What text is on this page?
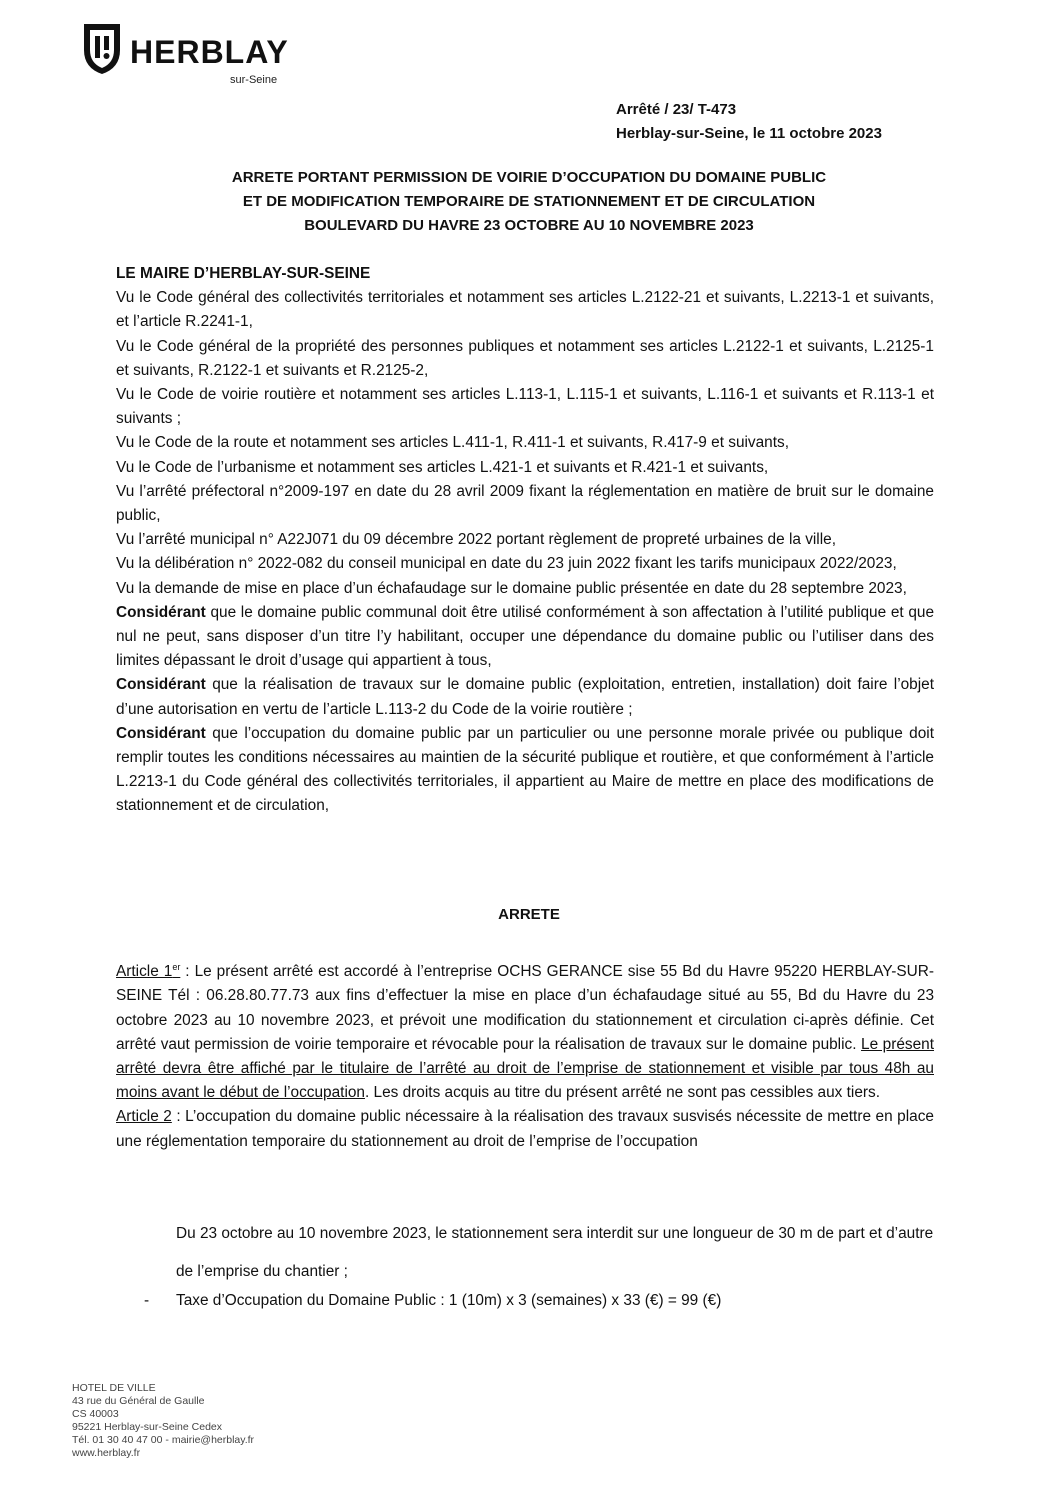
HERBLAY
sur-Seine
Arrêté / 23/ T-473
Herblay-sur-Seine, le 11 octobre 2023
ARRETE PORTANT PERMISSION DE VOIRIE D’OCCUPATION DU DOMAINE PUBLIC
ET DE MODIFICATION TEMPORAIRE DE STATIONNEMENT ET DE CIRCULATION
BOULEVARD DU HAVRE 23 OCTOBRE AU 10 NOVEMBRE 2023

LE MAIRE D’HERBLAY-SUR-SEINE

Vu le Code général des collectivités territoriales et notamment ses articles L.2122-21 et suivants, L.2213-1 et suivants, et l’article R.2241-1,

Vu le Code général de la propriété des personnes publiques et notamment ses articles L.2122-1 et suivants, L.2125-1 et suivants, R.2122-1 et suivants et R.2125-2,

Vu le Code de voirie routière et notamment ses articles L.113-1, L.115-1 et suivants, L.116-1 et suivants et R.113-1 et suivants ;

Vu le Code de la route et notamment ses articles L.411-1, R.411-1 et suivants, R.417-9 et suivants,

Vu le Code de l’urbanisme et notamment ses articles L.421-1 et suivants et R.421-1 et suivants,

Vu l’arrêté préfectoral n°2009-197 en date du 28 avril 2009 fixant la réglementation en matière de bruit sur le domaine public,

Vu l’arrêté municipal n° A22J071 du 09 décembre 2022 portant règlement de propreté urbaines de la ville,

Vu la délibération n° 2022-082 du conseil municipal en date du 23 juin 2022 fixant les tarifs municipaux 2022/2023,

Vu la demande de mise en place d’un échafaudage sur le domaine public présentée en date du 28 septembre 2023,

Considérant que le domaine public communal doit être utilisé conformément à son affectation à l’utilité publique et que nul ne peut, sans disposer d’un titre l’y habilitant, occuper une dépendance du domaine public ou l’utiliser dans des limites dépassant le droit d’usage qui appartient à tous,

Considérant que la réalisation de travaux sur le domaine public (exploitation, entretien, installation) doit faire l’objet d’une autorisation en vertu de l’article L.113-2 du Code de la voirie routière ;

Considérant que l’occupation du domaine public par un particulier ou une personne morale privée ou publique doit remplir toutes les conditions nécessaires au maintien de la sécurité publique et routière, et que conformément à l’article L.2213-1 du Code général des collectivités territoriales, il appartient au Maire de mettre en place des modifications de stationnement et de circulation,

ARRETE

Article 1er : Le présent arrêté est accordé à l’entreprise OCHS GERANCE sise 55 Bd du Havre 95220 HERBLAY-SUR-SEINE Tél : 06.28.80.77.73 aux fins d’effectuer la mise en place d’un échafaudage situé au 55, Bd du Havre du 23 octobre 2023 au 10 novembre 2023, et prévoit une modification du stationnement et circulation ci-après définie. Cet arrêté vaut permission de voirie temporaire et révocable pour la réalisation de travaux sur le domaine public. Le présent arrêté devra être affiché par le titulaire de l’arrêté au droit de l’emprise de stationnement et visible par tous 48h au moins avant le début de l’occupation. Les droits acquis au titre du présent arrêté ne sont pas cessibles aux tiers.

Article 2 : L’occupation du domaine public nécessaire à la réalisation des travaux susvisés nécessite de mettre en place une réglementation temporaire du stationnement au droit de l’emprise de l’occupation

Du 23 octobre au 10 novembre 2023, le stationnement sera interdit sur une longueur de 30 m de part et d’autre de l’emprise du chantier ;

- Taxe d’Occupation du Domaine Public : 1 (10m) x 3 (semaines) x 33 (€) = 99 (€)
HOTEL DE VILLE
43 rue du Général de Gaulle
CS 40003
95221 Herblay-sur-Seine Cedex
Tél. 01 30 40 47 00 - mairie@herblay.fr
www.herblay.fr
